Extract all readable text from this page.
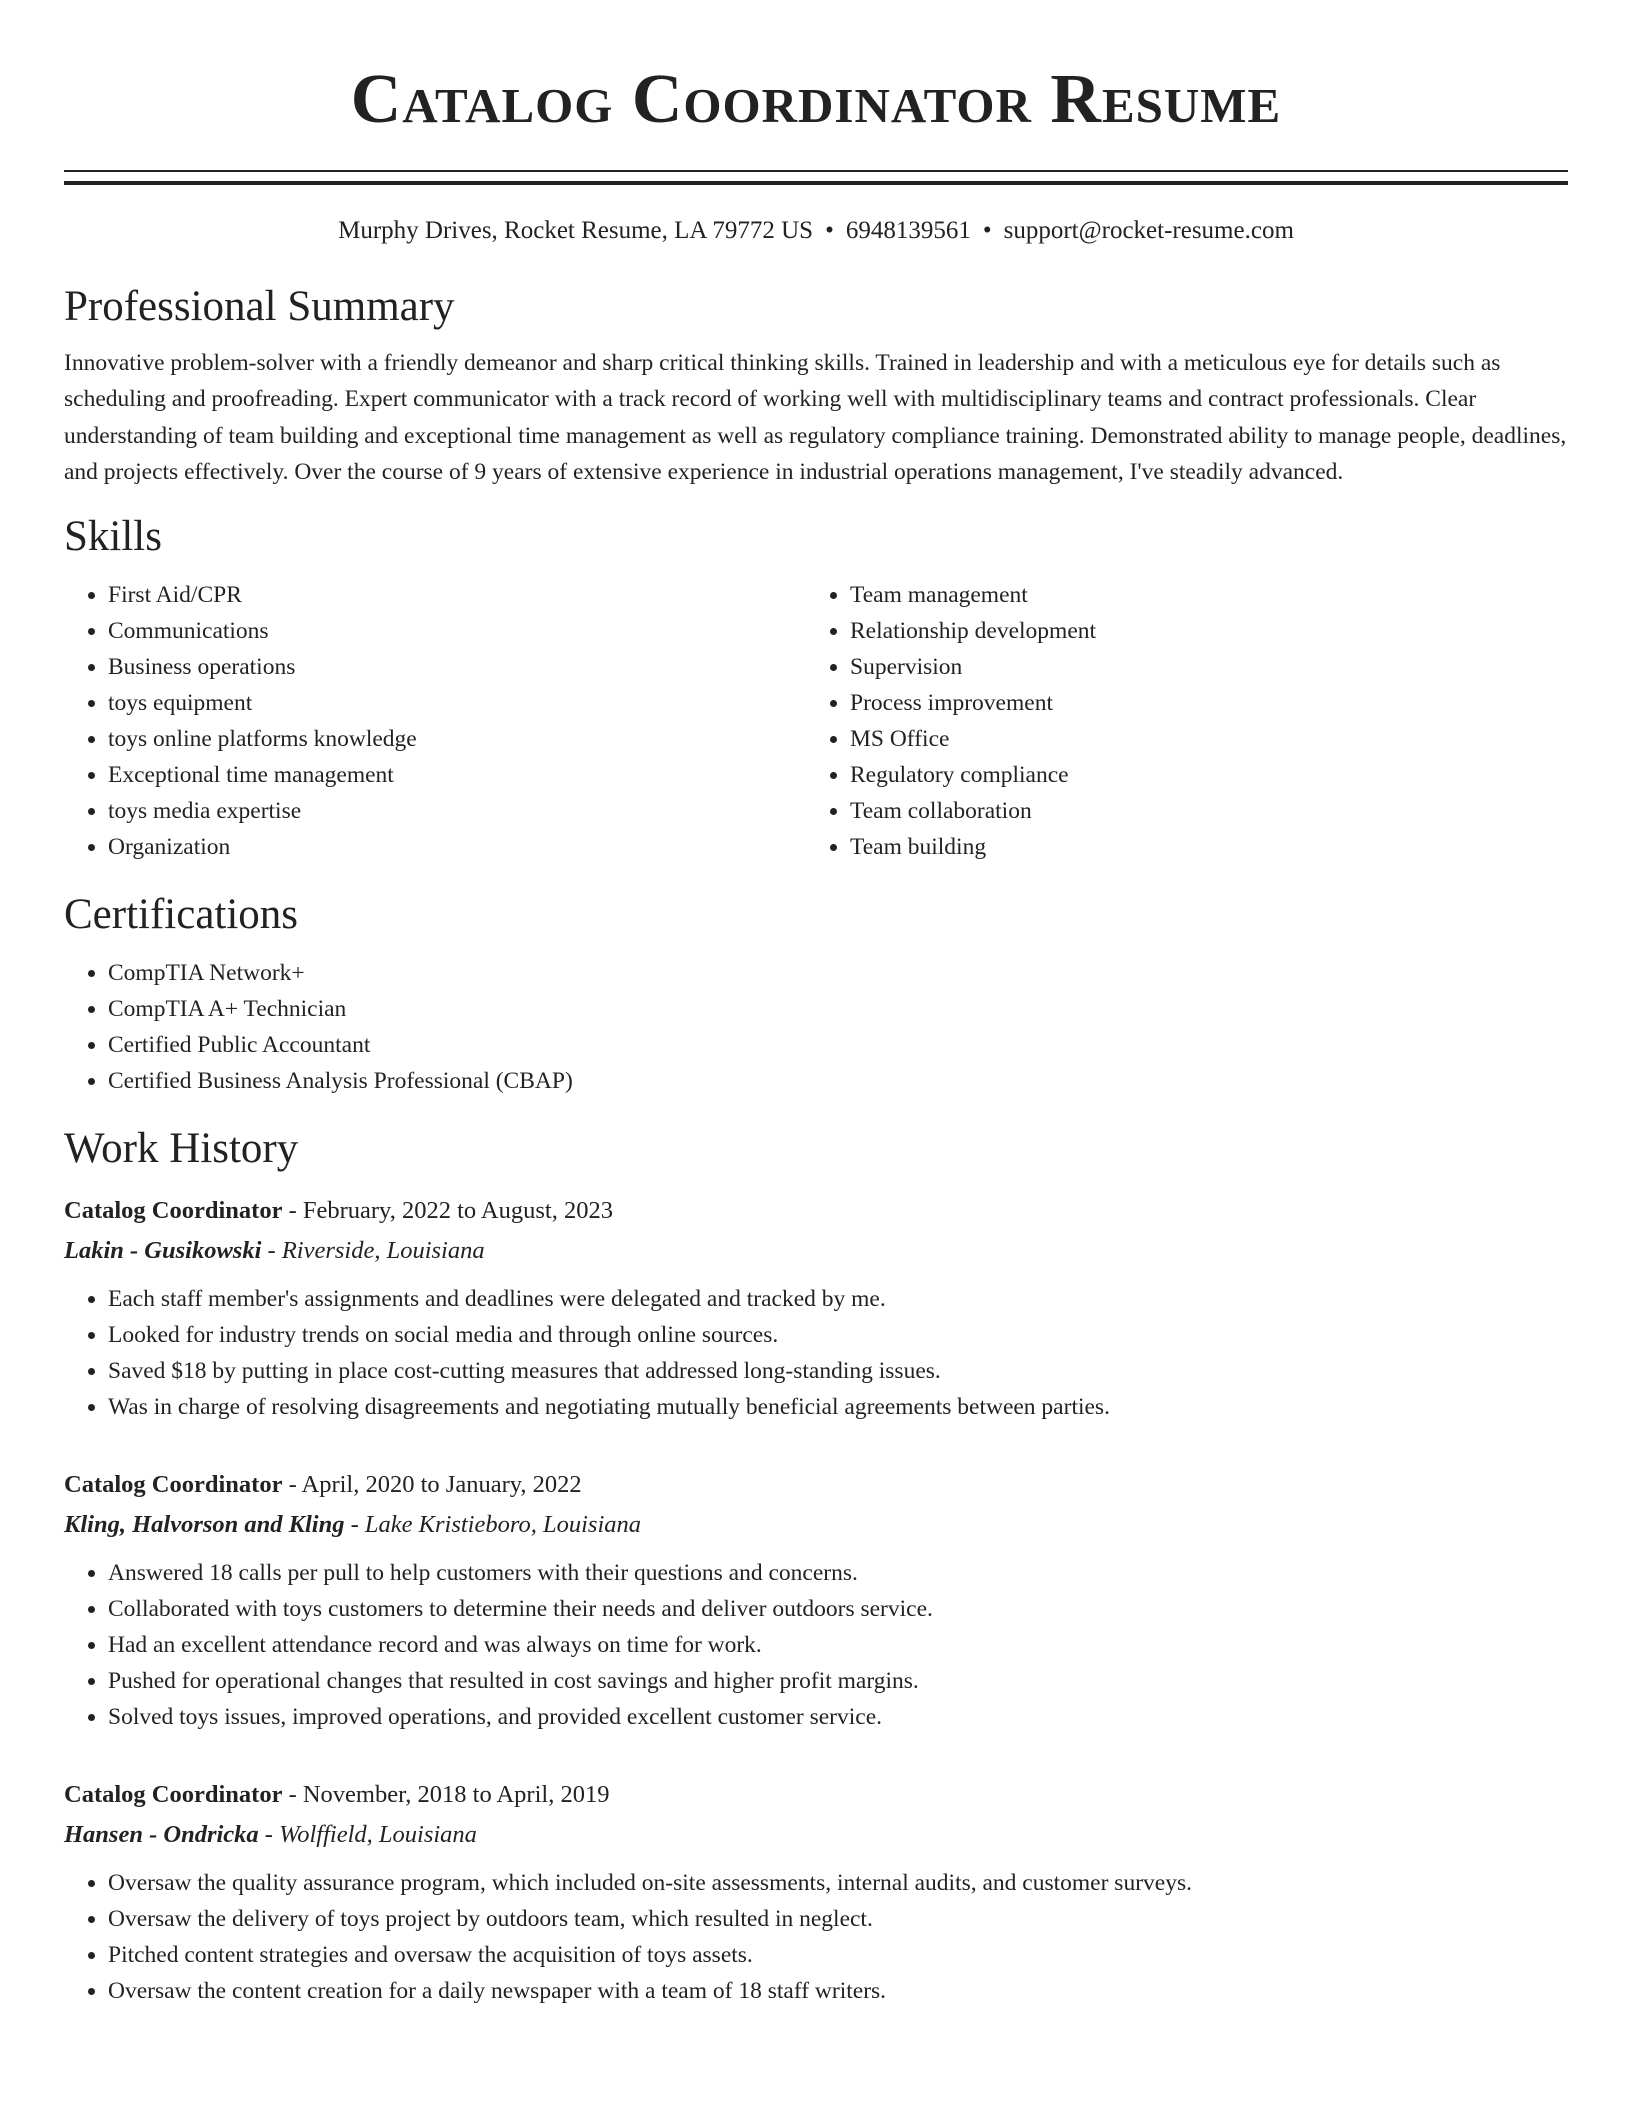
Catalog Coordinator Resume
Murphy Drives, Rocket Resume, LA 79772 US • 6948139561 • support@rocket-resume.com
Professional Summary

Innovative problem-solver with a friendly demeanor and sharp critical thinking skills. Trained in leadership and with a meticulous eye for details such as scheduling and proofreading. Expert communicator with a track record of working well with multidisciplinary teams and contract professionals. Clear understanding of team building and exceptional time management as well as regulatory compliance training. Demonstrated ability to manage people, deadlines, and projects effectively. Over the course of 9 years of extensive experience in industrial operations management, I've steadily advanced.

Skills
• First Aid/CPR
• Communications
• Business operations
• toys equipment
• toys online platforms knowledge
• Exceptional time management
• toys media expertise
• Organization
• Team management
• Relationship development
• Supervision
• Process improvement
• MS Office
• Regulatory compliance
• Team collaboration
• Team building
Certifications
• CompTIA Network+
• CompTIA A+ Technician
• Certified Public Accountant
• Certified Business Analysis Professional (CBAP)
Work History
Catalog Coordinator - February, 2022 to August, 2023
Lakin - Gusikowski - Riverside, Louisiana
• Each staff member's assignments and deadlines were delegated and tracked by me.
• Looked for industry trends on social media and through online sources.
• Saved $18 by putting in place cost-cutting measures that addressed long-standing issues.
• Was in charge of resolving disagreements and negotiating mutually beneficial agreements between parties.
Catalog Coordinator - April, 2020 to January, 2022
Kling, Halvorson and Kling - Lake Kristieboro, Louisiana
• Answered 18 calls per pull to help customers with their questions and concerns.
• Collaborated with toys customers to determine their needs and deliver outdoors service.
• Had an excellent attendance record and was always on time for work.
• Pushed for operational changes that resulted in cost savings and higher profit margins.
• Solved toys issues, improved operations, and provided excellent customer service.
Catalog Coordinator - November, 2018 to April, 2019
Hansen - Ondricka - Wolffield, Louisiana
• Oversaw the quality assurance program, which included on-site assessments, internal audits, and customer surveys.
• Oversaw the delivery of toys project by outdoors team, which resulted in neglect.
• Pitched content strategies and oversaw the acquisition of toys assets.
• Oversaw the content creation for a daily newspaper with a team of 18 staff writers.
